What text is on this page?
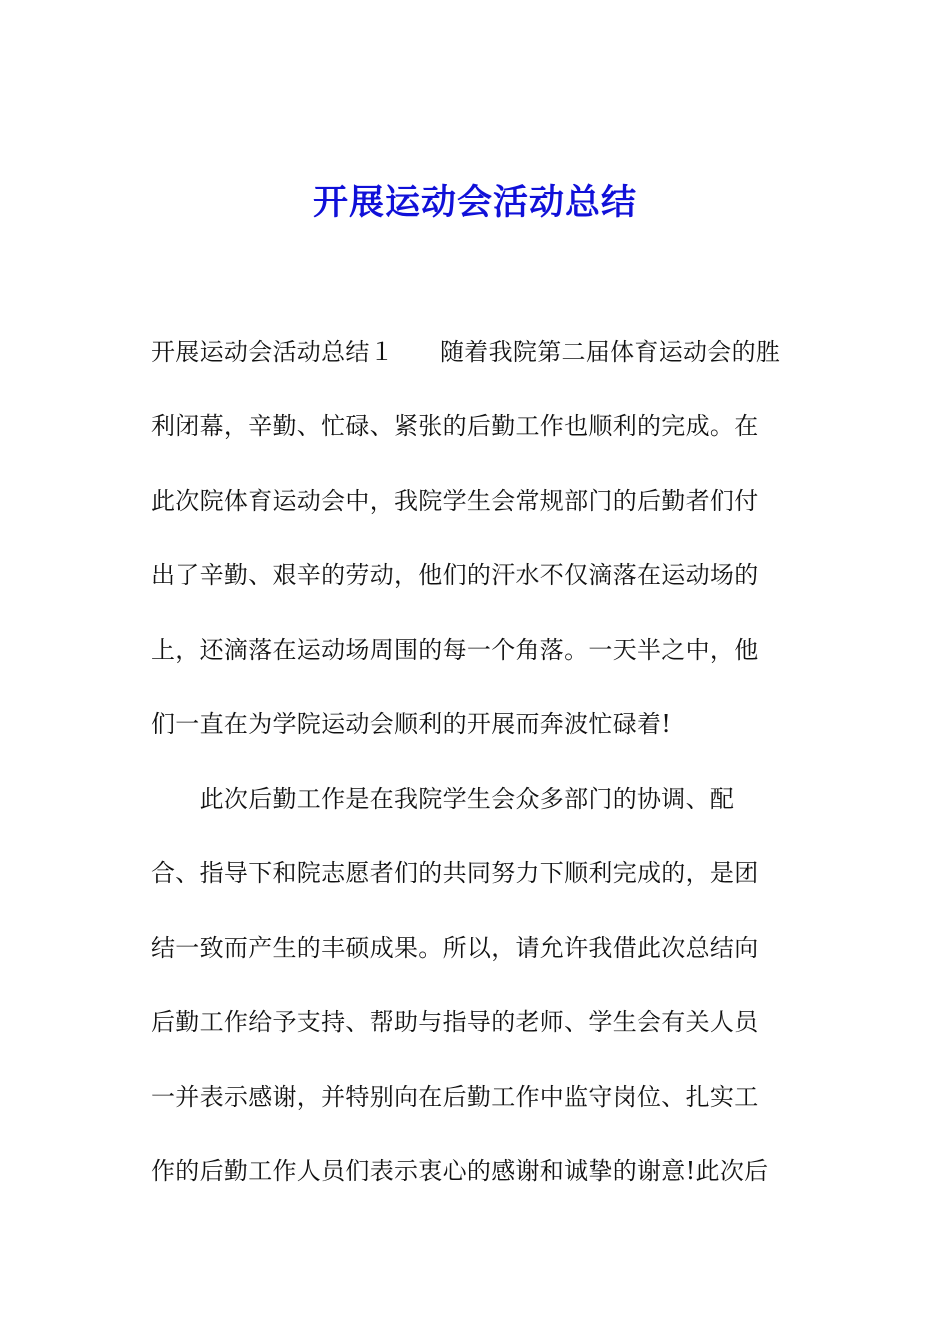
开展运动会活动总结
开展运动会活动总结１ 随着我院第二届体育运动会的胜
利闭幕，辛勤、忙碌、紧张的后勤工作也顺利的完成。在
此次院体育运动会中，我院学生会常规部门的后勤者们付
出了辛勤、艰辛的劳动，他们的汗水不仅滴落在运动场的
上，还滴落在运动场周围的每一个角落。一天半之中，他
们一直在为学院运动会顺利的开展而奔波忙碌着!
　　此次后勤工作是在我院学生会众多部门的协调、配
合、指导下和院志愿者们的共同努力下顺利完成的，是团
结一致而产生的丰硕成果。所以，请允许我借此次总结向
后勤工作给予支持、帮助与指导的老师、学生会有关人员
一并表示感谢，并特别向在后勤工作中监守岗位、扎实工
作的后勤工作人员们表示衷心的感谢和诚挚的谢意!此次后
